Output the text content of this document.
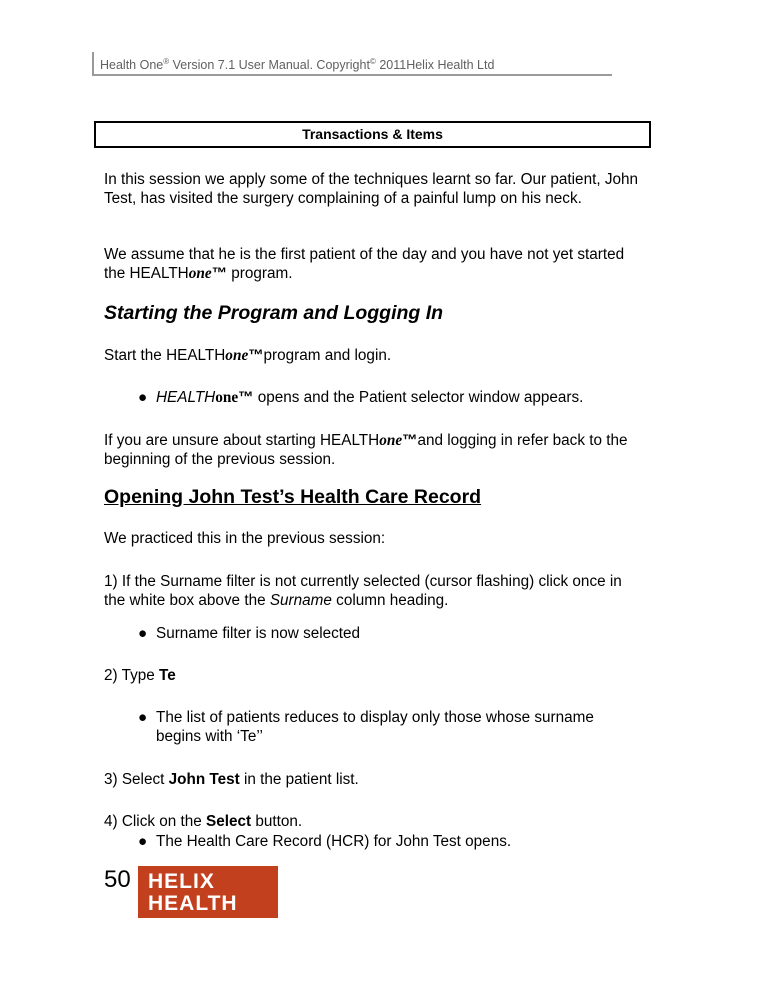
Health One® Version 7.1 User Manual. Copyright© 2011Helix Health Ltd
Transactions & Items
In this session we apply some of the techniques learnt so far. Our patient, John Test, has visited the surgery complaining of a painful lump on his neck.
We assume that he is the first patient of the day and you have not yet started the HEALTHone™ program.
Starting the Program and Logging In
Start the HEALTHone™program and login.
● HEALTHone™ opens and the Patient selector window appears.
If you are unsure about starting HEALTHone™and logging in refer back to the beginning of the previous session.
Opening John Test’s Health Care Record
We practiced this in the previous session:
1) If the Surname filter is not currently selected (cursor flashing) click once in the white box above the Surname column heading.
● Surname filter is now selected
2) Type Te
● The list of patients reduces to display only those whose surname begins with ‘Te’’
3) Select John Test in the patient list.
4) Click on the Select button.
● The Health Care Record (HCR) for John Test opens.
50 HELIX
HEALTH
